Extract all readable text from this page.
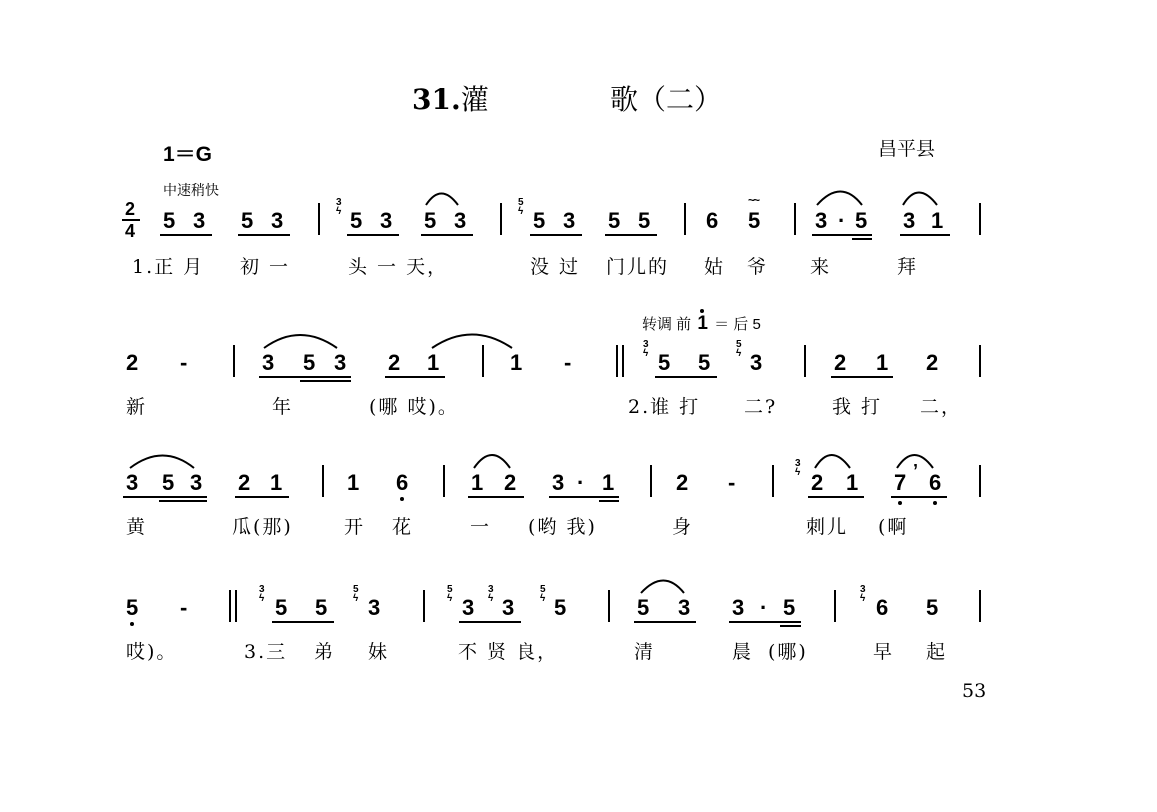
31.灌	歌（二）
1＝G	昌平县
中速稍快
2
4 5 3 5 3
3
ϟ 5 3 5 3
5
ϟ 5 3 5 5	6
~~
5 3 · 5 3 1
1.正 月 初 一	头 一 天，	没 过 门儿的 姑 爷 来	拜
转调 前 1 ＝ 后 5
2 -	3 5 3 2 1	1 -
3
ϟ 5 5
5
ϟ 3	2 1 2
新	年	(哪 哎)。	2.谁 打 二?	我 打 二，
3 5 3 2 1	1 6	1 2 3 · 1	2 -
3
ϟ 2 1 7 ’ 6
黄	瓜(那)	开 花	一 (哟 我)	身	刺儿 (啊
5 -
3
ϟ 5 5
5
ϟ 3
5
ϟ 3
3
ϟ 3
5
ϟ 5	5 3 3 · 5
3
ϟ 6 5
哎)。	3.三 弟 妹	不 贤 良，	清	晨 (哪)	早 起
53
